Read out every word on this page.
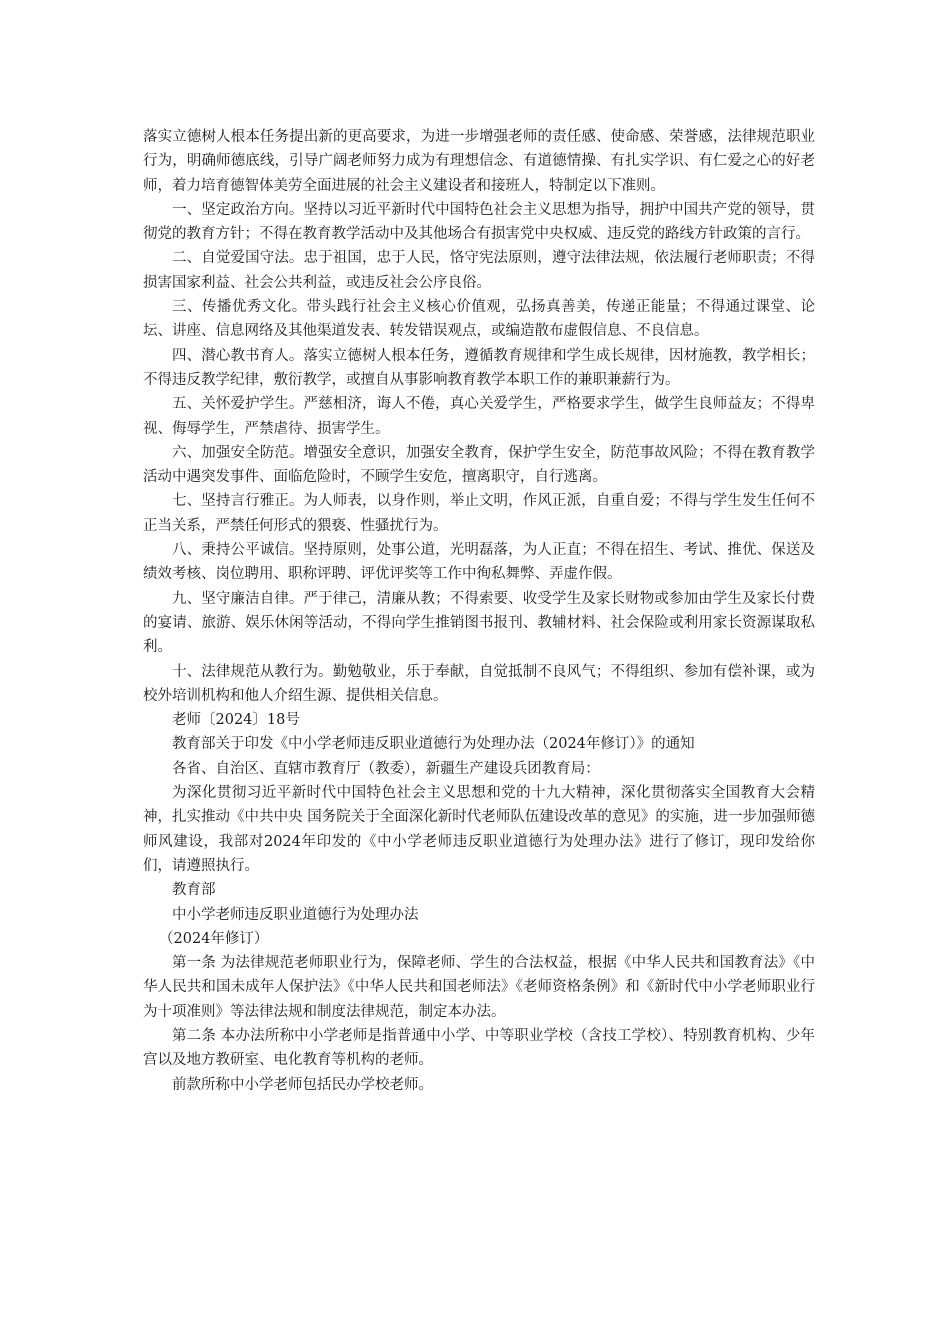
落实立德树人根本任务提出新的更高要求，为进一步增强老师的责任感、使命感、荣誉感，法律规范职业行为，明确师德底线，引导广阔老师努力成为有理想信念、有道德情操、有扎实学识、有仁爱之心的好老师，着力培育德智体美劳全面进展的社会主义建设者和接班人，特制定以下准则。

一、坚定政治方向。坚持以习近平新时代中国特色社会主义思想为指导，拥护中国共产党的领导，贯彻党的教育方针；不得在教育教学活动中及其他场合有损害党中央权威、违反党的路线方针政策的言行。

二、自觉爱国守法。忠于祖国，忠于人民，恪守宪法原则，遵守法律法规，依法履行老师职责；不得损害国家利益、社会公共利益，或违反社会公序良俗。

三、传播优秀文化。带头践行社会主义核心价值观，弘扬真善美，传递正能量；不得通过课堂、论坛、讲座、信息网络及其他渠道发表、转发错误观点，或编造散布虚假信息、不良信息。

四、潜心教书育人。落实立德树人根本任务，遵循教育规律和学生成长规律，因材施教，教学相长；不得违反教学纪律，敷衍教学，或擅自从事影响教育教学本职工作的兼职兼薪行为。

五、关怀爱护学生。严慈相济，诲人不倦，真心关爱学生，严格要求学生，做学生良师益友；不得卑视、侮辱学生，严禁虐待、损害学生。

六、加强安全防范。增强安全意识，加强安全教育，保护学生安全，防范事故风险；不得在教育教学活动中遇突发事件、面临危险时，不顾学生安危，擅离职守，自行逃离。

七、坚持言行雅正。为人师表，以身作则，举止文明，作风正派，自重自爱；不得与学生发生任何不正当关系，严禁任何形式的猥亵、性骚扰行为。

八、秉持公平诚信。坚持原则，处事公道，光明磊落，为人正直；不得在招生、考试、推优、保送及绩效考核、岗位聘用、职称评聘、评优评奖等工作中徇私舞弊、弄虚作假。

九、坚守廉洁自律。严于律己，清廉从教；不得索要、收受学生及家长财物或参加由学生及家长付费的宴请、旅游、娱乐休闲等活动，不得向学生推销图书报刊、教辅材料、社会保险或利用家长资源谋取私利。

十、法律规范从教行为。勤勉敬业，乐于奉献，自觉抵制不良风气；不得组织、参加有偿补课，或为校外培训机构和他人介绍生源、提供相关信息。

老师〔2024〕18号

教育部关于印发《中小学老师违反职业道德行为处理办法（2024年修订）》的通知

各省、自治区、直辖市教育厅（教委），新疆生产建设兵团教育局：

为深化贯彻习近平新时代中国特色社会主义思想和党的十九大精神，深化贯彻落实全国教育大会精神，扎实推动《中共中央 国务院关于全面深化新时代老师队伍建设改革的意见》的实施，进一步加强师德师风建设，我部对2024年印发的《中小学老师违反职业道德行为处理办法》进行了修订，现印发给你们，请遵照执行。

教育部

中小学老师违反职业道德行为处理办法

（2024年修订）

第一条 为法律规范老师职业行为，保障老师、学生的合法权益，根据《中华人民共和国教育法》《中华人民共和国未成年人保护法》《中华人民共和国老师法》《老师资格条例》和《新时代中小学老师职业行为十项准则》等法律法规和制度法律规范，制定本办法。

第二条 本办法所称中小学老师是指普通中小学、中等职业学校（含技工学校）、特别教育机构、少年宫以及地方教研室、电化教育等机构的老师。

前款所称中小学老师包括民办学校老师。
